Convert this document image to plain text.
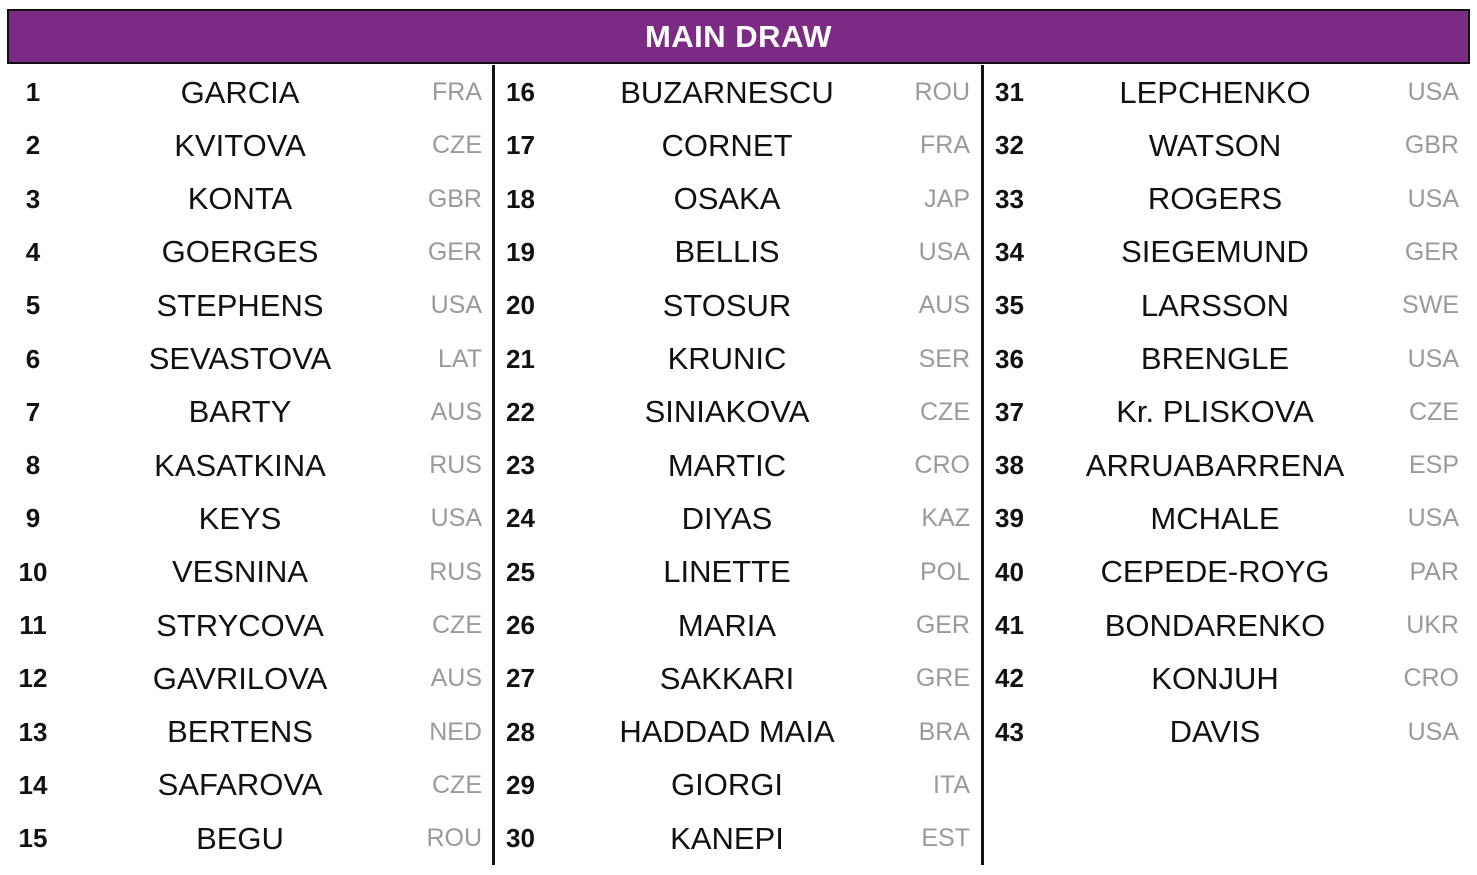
MAIN DRAW
1	GARCIA	FRA
2	KVITOVA	CZE
3	KONTA	GBR
4	GOERGES	GER
5	STEPHENS	USA
6	SEVASTOVA	LAT
7	BARTY	AUS
8	KASATKINA	RUS
9	KEYS	USA
10	VESNINA	RUS
11	STRYCOVA	CZE
12	GAVRILOVA	AUS
13	BERTENS	NED
14	SAFAROVA	CZE
15	BEGU	ROU
16	BUZARNESCU	ROU
17	CORNET	FRA
18	OSAKA	JAP
19	BELLIS	USA
20	STOSUR	AUS
21	KRUNIC	SER
22	SINIAKOVA	CZE
23	MARTIC	CRO
24	DIYAS	KAZ
25	LINETTE	POL
26	MARIA	GER
27	SAKKARI	GRE
28	HADDAD MAIA	BRA
29	GIORGI	ITA
30	KANEPI	EST
31	LEPCHENKO	USA
32	WATSON	GBR
33	ROGERS	USA
34	SIEGEMUND	GER
35	LARSSON	SWE
36	BRENGLE	USA
37	Kr. PLISKOVA	CZE
38	ARRUABARRENA	ESP
39	MCHALE	USA
40	CEPEDE-ROYG	PAR
41	BONDARENKO	UKR
42	KONJUH	CRO
43	DAVIS	USA
